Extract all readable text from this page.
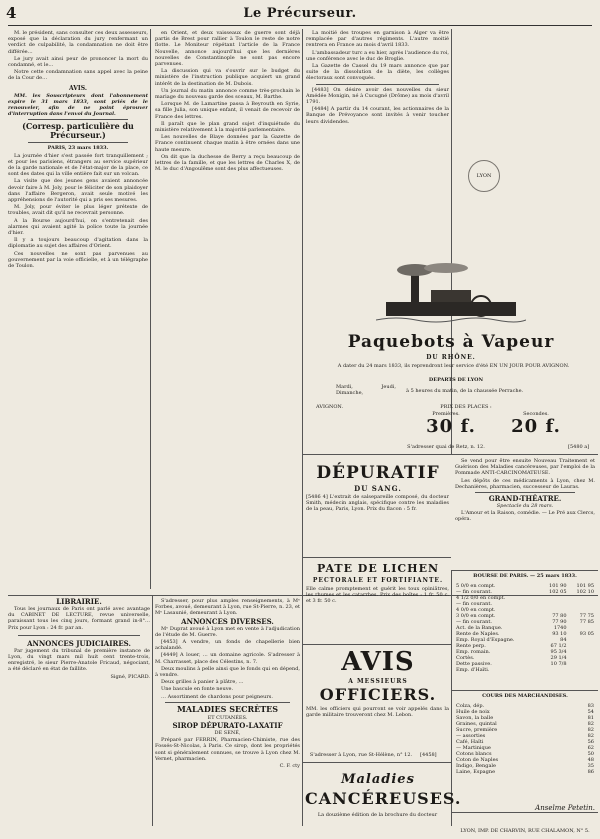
4	Le Précurseur.

M. le président, sans consulter ces deux assesseurs, exposé que la déclaration du jury renfermant un verdict de culpabilité, la condamnation ne doit être différée…

Le jury avait ainsi peur de prononcer la mort du condamné, et le…

Notre cette condamnation sans appel avec la peine de la Cour de…

AVIS.

MM. les Souscripteurs dont l'abonnement expire le 31 mars 1833, sont priés de le renouveler, afin de ne point éprouver d'interruption dans l'envoi du Journal.

(Corresp. particulière du Précurseur.)

PARIS, 23 mars 1833.

La journée d'hier s'est passée fort tranquillement ; et pour les parisiens, étrangers au service supérieur de la garde nationale et de l'état-major de la place, ce sont des dates qui la ville entière fait sur un volcan.

La visite que des jeunes gens avaient annoncée devoir faire à M. Joly, pour le féliciter de son plaidoyer dans l'affaire Bergeron, avait seule motivé les appréhensions de l'autorité qui a pris ses mesures.

M. Joly, pour éviter le plus léger prétexte de troubles, avait dit qu'il ne recevrait personne.

A la Bourse aujourd'hui, on s'entretenait des alarmes qui avaient agité la police toute la journée d'hier.

Il y a toujours beaucoup d'agitation dans la diplomatie au sujet des affaires d'Orient.

Ces nouvelles ne sont pas parvenues au gouvernement par la voie officielle, et à un télégraphe de Toulon.

LIBRAIRIE.

Tous les journaux de Paris ont parlé avec avantage du CABINET DE LECTURE, revue universelle, paraissant tous les cinq jours, formant grand in-8°… Prix pour Lyon : 24 fr. par an.

ANNONCES JUDICIAIRES.

Par jugement du tribunal de première instance de Lyon, du vingt mars mil huit cent trente-trois, enregistré, le sieur Pierre-Anatole Fricaud, négociant, a été déclaré en état de faillite.

Signé, PICARD.

en Orient, et deux vaisseaux de guerre sont déjà partis de Brest pour rallier à Toulon le reste de notre flotte. Le Moniteur répétant l'article de la France Nouvelle, annonce aujourd'hui que les dernières nouvelles de Constantinople ne sont pas encore parvenues.

La discussion qui va s'ouvrir sur le budget du ministère de l'instruction publique acquiert un grand intérêt de la destination de M. Dubois.

Un journal du matin annonce comme très-prochain le mariage du nouveau garde des sceaux, M. Barthe.

Lorsque M. de Lamartine passa à Beyrouth en Syrie, sa fille Julia, son unique enfant, il venait de recevoir de France des lettres.

Il paraît que le plan grand sujet d'inquiétude du ministère relativement à la majorité parlementaire.

Les nouvelles de Blaye données par la Gazette de France continuent chaque matin à être ornées dans une haute mesure.

On dit que la duchesse de Berry a reçu beaucoup de lettres de la famille, et que les lettres de Charles X, de M. le duc d'Angoulême sont des plus affectueuses.

S'adresser, pour plus amples renseignements, à Mᵉ Forbes, avoué, demeurant à Lyon, rue St-Pierre, n. 23, et Mᵉ Lasaunié, demeurant à Lyon.

ANNONCES DIVERSES.

Mᵉ Duprat avoué à Lyon met en vente à l'adjudication de l'étude de M. Guerre.

[4453] A vendre, un fonds de chapellerie bien achalandé.

[4449] A louer, … un domaine agricole. S'adresser à M. Charrasset, place des Célestins, n. 7.

Deux moulins à pelle ainsi que le fonds qui en dépend, à vendre.

Deux grilles à panier à plâtre, …

Une bascule en fonte neuve.

… Assortiment de chardons pour peigneurs.

MALADIES SECRÈTES

ET CUTANÉES.

SIROP DÉPURATO-LAXATIF

DE SENÉ,

Préparé par FERRIN, Pharmacien-Chimiste, rue des Fossés-St-Nicolas, à Paris. Ce sirop, dont les propriétés sont si généralement connues, se trouve à Lyon chez M. Vernet, pharmacien.

C. F. cty

La moitié des troupes en garnison à Alger va être remplacée par d'autres régiments. L'autre moitié rentrera en France au mois d'avril 1833.

L'ambassadeur turc a eu hier, après l'audience du roi, une conférence avec le duc de Broglie.

La Gazette de Cassel du 19 mars annonce que par suite de la dissolution de la diète, les collèges électoraux sont convoqués.

[4483] On désire avoir des nouvelles du sieur Amédée Monigin, né à Cucugné (Drôme) au mois d'avril 1791.

[4484] A partir du 14 courant, les actionnaires de la Banque de Prévoyance sont invités à venir toucher leurs dividendes.

LYON
Paquebots à Vapeur
DU RHÔNE.
A dater du 24 mars 1833, ils reprendront leur service d'été EN UN JOUR POUR AVIGNON.
DÉPARTS DE LYON
Mardi, Jeudi, Dimanche,	à 5 heures du matin, de la chaussée Perrache.
AVIGNON.	PRIX DES PLACES :
Premières.	Secondes.
30 f.	20 f.
S'adresser quai de Retz, n. 12.	[5480 a]
DÉPURATIF
DU SANG.
[5486 4] L'extrait de salsepareille composé, du docteur Smith, médecin anglais, spécifique contre les maladies de la peau, Paris, Lyon. Prix du flacon : 5 fr.
PATE DE LICHEN
PECTORALE ET FORTIFIANTE.
Elle calme promptement et guérit les toux opiniâtres, les rhumes et les catarrhes. Prix des boîtes : 1 fr. 50 c. et 3 fr. 50 c.
AVIS
A MESSIEURS
OFFICIERS.
MM. les officiers qui pourront se voir appelés dans la garde militaire trouveront chez M. Lebon.
S'adresser à Lyon, rue St-Hélène, n° 12.	[4458]
Maladies
CANCÉREUSES.
La douzième édition de la brochure du docteur

Se vend pour être ensuite Nouveau Traitement et Guérison des Maladies cancéreuses, par l'emploi de la Pommade ANTI-CARCINOMATEUSE.

Les dépôts de ces médicaments à Lyon, chez M. Dechanières, pharmacien, successeur de Lauras.

GRAND-THÉATRE.

Spectacle du 28 mars.

L'Amour et la Raison, comédie. — Le Pré aux Clercs, opéra.

BOURSE DE PARIS. — 25 mars 1833.
5 0/0 en compt.	101 90	101 95
— fin courant.	102 05	102 10
4 1/2 0/0 en compt.		
— fin courant.		
4 0/0 en compt.		
3 0/0 en compt.	77 80	77 75
— fin courant.	77 90	77 85
Act. de la Banque.	1740	
Rente de Naples.	93 10	93 05
Emp. Royal d'Espagne.	84	
Rente perp.	67 1/2	
Emp. romain.	95 3/4	
Cortès.	29 1/4	
Dette passive.	10 7/8	
Emp. d'Haïti.		
COURS DES MARCHANDISES.
Colza, dép.	83
Huile de noix	54
Savon, la balle	81
Graines, quintal	82
Sucre, première	82
— assorties	82
Café, Haïti	56
— Martinique	62
Cotons blancs	50
Coton de Naples	48
Indigo, Bengale	35
Laine, Espagne	86
Anselme Petetin.
LYON, IMP. DE CHARVIN, RUE CHALAMON, N° 5.
